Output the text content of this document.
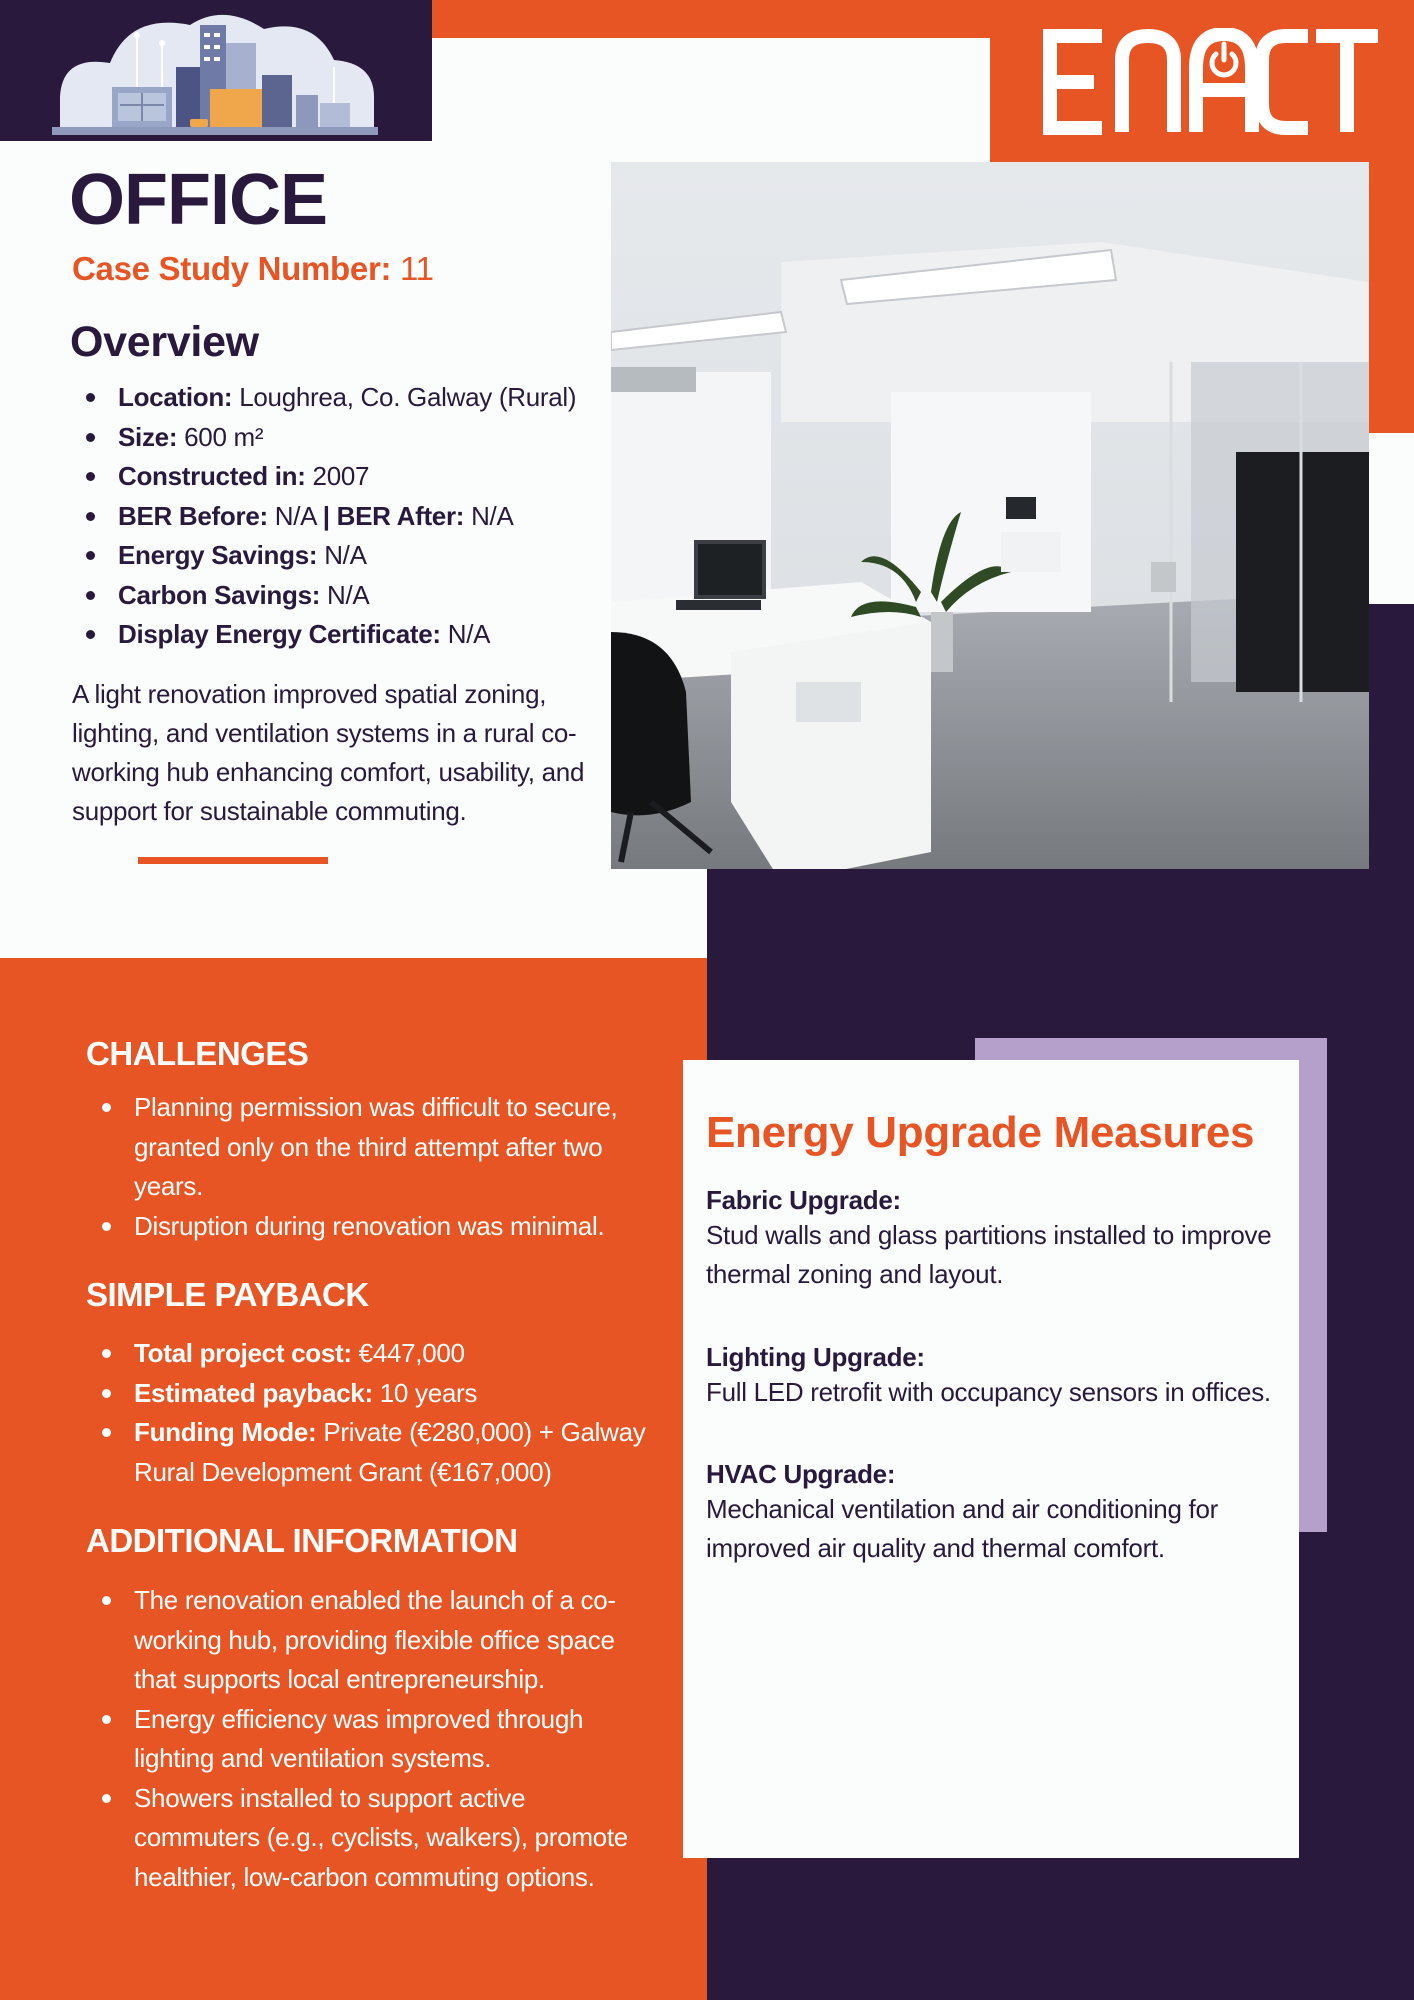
OFFICE
Case Study Number: 11
Overview
Location: Loughrea, Co. Galway (Rural)
Size: 600 m²
Constructed in: 2007
BER Before: N/A | BER After: N/A
Energy Savings: N/A
Carbon Savings: N/A
Display Energy Certificate: N/A

A light renovation improved spatial zoning, lighting, and ventilation systems in a rural co-working hub enhancing comfort, usability, and support for sustainable commuting.

CHALLENGES
Planning permission was difficult to secure, granted only on the third attempt after two years.
Disruption during renovation was minimal.
SIMPLE PAYBACK
Total project cost: €447,000
Estimated payback: 10 years
Funding Mode: Private (€280,000) + Galway Rural Development Grant (€167,000)
ADDITIONAL INFORMATION
The renovation enabled the launch of a co-working hub, providing flexible office space that supports local entrepreneurship.
Energy efficiency was improved through lighting and ventilation systems.
Showers installed to support active commuters (e.g., cyclists, walkers), promote healthier, low-carbon commuting options.
Energy Upgrade Measures

Fabric Upgrade:

Stud walls and glass partitions installed to improve thermal zoning and layout.

Lighting Upgrade:

Full LED retrofit with occupancy sensors in offices.

HVAC Upgrade:

Mechanical ventilation and air conditioning for improved air quality and thermal comfort.
